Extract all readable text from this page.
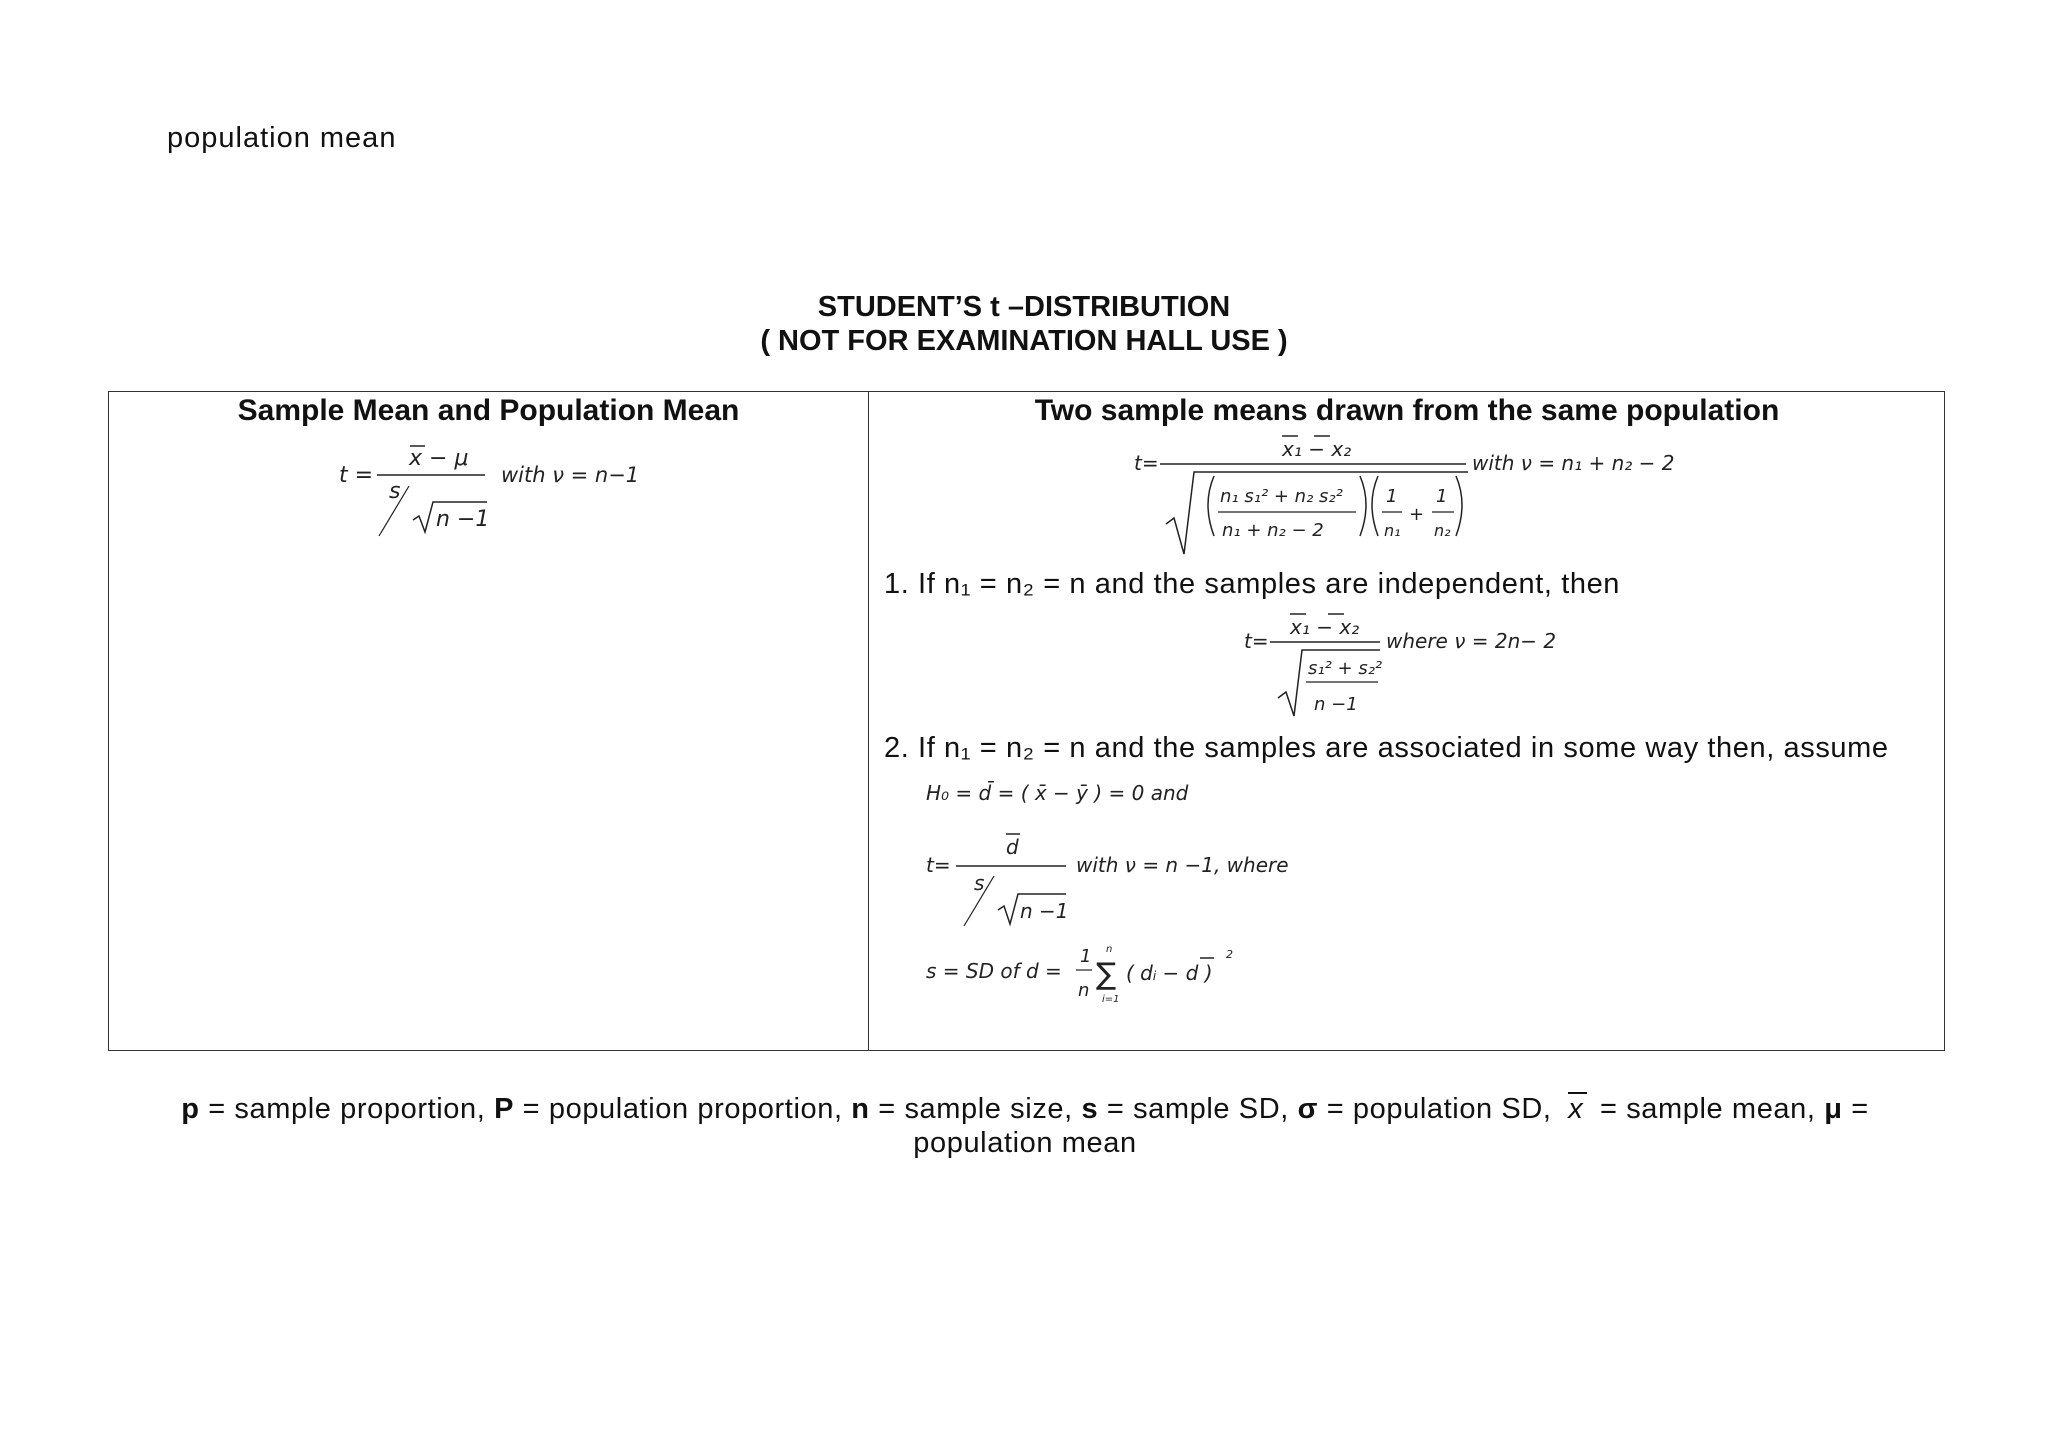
population mean
STUDENT’S t –DISTRIBUTION
( NOT FOR EXAMINATION HALL USE )
Sample Mean and Population Mean
t =
x − μ
s
n −1
with ν = n−1
Two sample means drawn from the same population
t=
x₁ − x₂
n₁ s₁² + n₂ s₂²
n₁ + n₂ − 2
1
n₁
+
1
n₂
with ν = n₁ + n₂ − 2
1. If n₁ = n₂ = n and the samples are independent, then
t=
x₁ − x₂
s₁² + s₂²
n −1
where ν = 2n− 2
2. If n₁ = n₂ = n and the samples are associated in some way then, assume
H₀ = d̄ = ( x̄ − ȳ ) = 0 and
t=
d
s
n −1
with ν = n −1, where
s = SD of d =
1
n ∑
n
i=1
( di − d )
2
p = sample proportion, P = population proportion, n = sample size, s = sample SD, σ = population SD, x = sample mean, μ =
population mean
